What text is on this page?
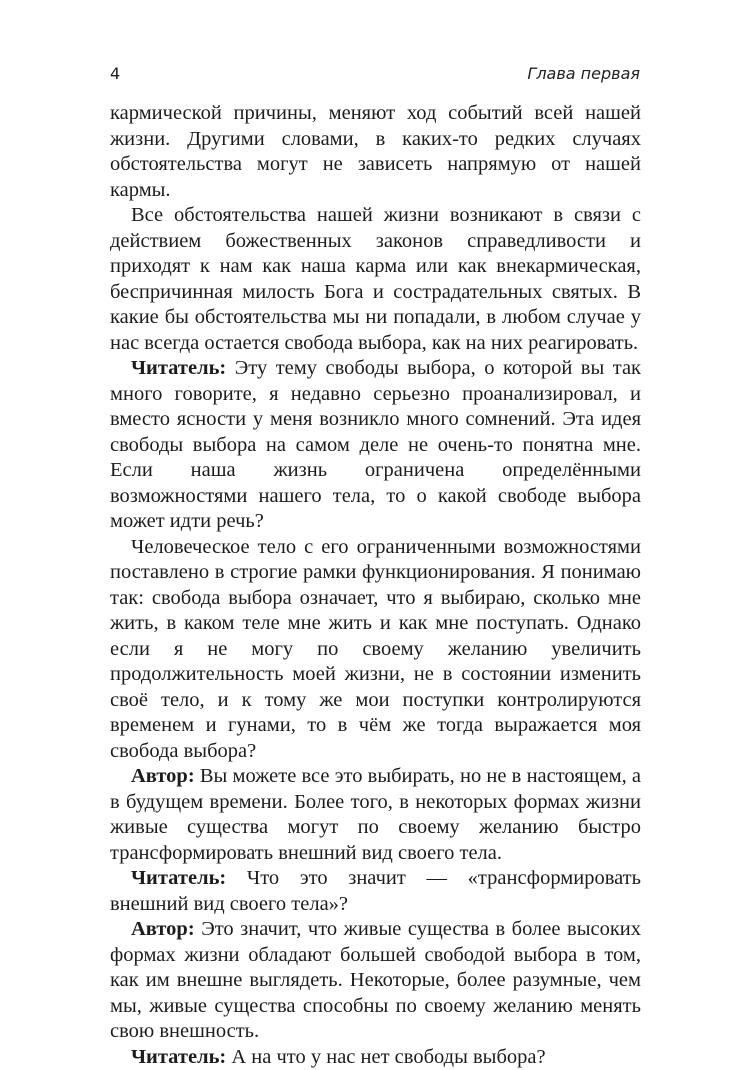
4	Глава первая

кармической причины, меняют ход событий всей нашей жизни. Другими словами, в каких-то редких случаях обстоятельства могут не зависеть напрямую от нашей кармы.

Все обстоятельства нашей жизни возникают в связи с действием божественных законов справедливости и приходят к нам как наша карма или как внекармическая, беспричинная милость Бога и сострадательных святых. В какие бы обстоятельства мы ни попадали, в любом случае у нас всегда остается свобода выбора, как на них реагировать.

Читатель: Эту тему свободы выбора, о которой вы так много говорите, я недавно серьезно проанализировал, и вместо ясности у меня возникло много сомнений. Эта идея свободы выбора на самом деле не очень-то понятна мне. Если наша жизнь ограничена определёнными возможностями нашего тела, то о какой свободе выбора может идти речь?

Человеческое тело с его ограниченными возможностями поставлено в строгие рамки функционирования. Я понимаю так: свобода выбора означает, что я выбираю, сколько мне жить, в каком теле мне жить и как мне поступать. Однако если я не могу по своему желанию увеличить продолжительность моей жизни, не в состоянии изменить своё тело, и к тому же мои поступки контролируются временем и гунами, то в чём же тогда выражается моя свобода выбора?

Автор: Вы можете все это выбирать, но не в настоящем, а в будущем времени. Более того, в некоторых формах жизни живые существа могут по своему желанию быстро трансформировать внешний вид своего тела.

Читатель: Что это значит — «трансформировать внешний вид своего тела»?

Автор: Это значит, что живые существа в более высоких формах жизни обладают большей свободой выбора в том, как им внешне выглядеть. Некоторые, более разумные, чем мы, живые существа способны по своему желанию менять свою внешность.

Читатель: А на что у нас нет свободы выбора?
